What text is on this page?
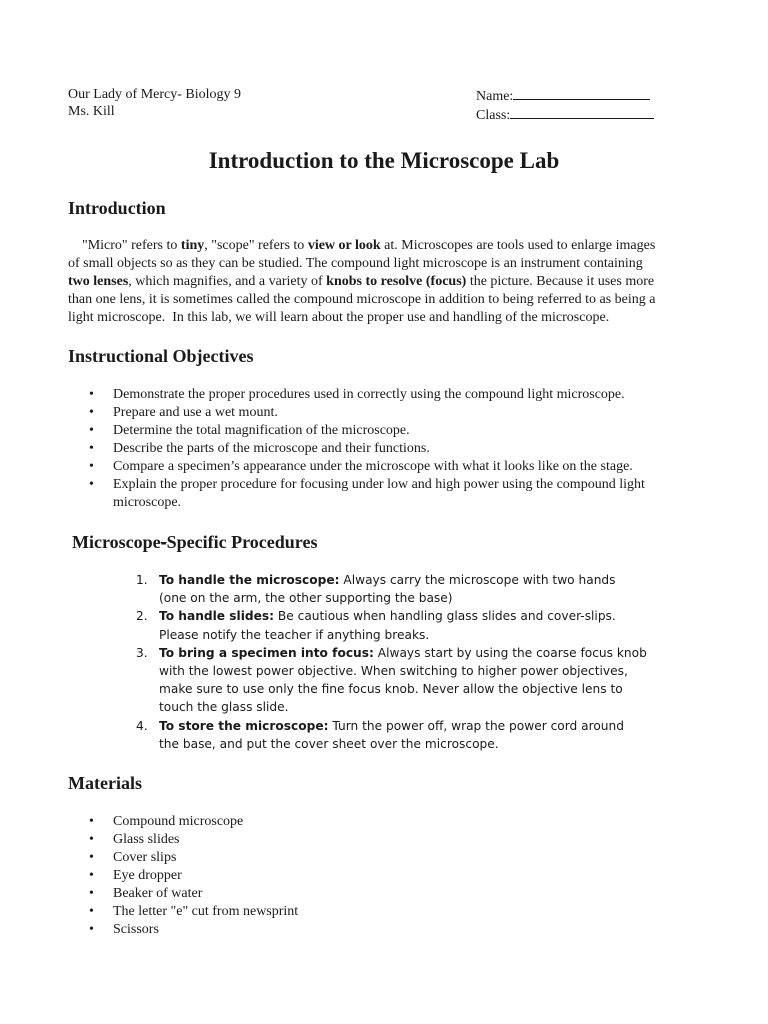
Our Lady of Mercy- Biology 9
Ms. Kill
Name:
Class:
Introduction to the Microscope Lab
Introduction
"Micro" refers to tiny, "scope" refers to view or look at. Microscopes are tools used to enlarge images
of small objects so as they can be studied. The compound light microscope is an instrument containing
two lenses, which magnifies, and a variety of knobs to resolve (focus) the picture. Because it uses more
than one lens, it is sometimes called the compound microscope in addition to being referred to as being a
light microscope.  In this lab, we will learn about the proper use and handling of the microscope.
Instructional Objectives
• Demonstrate the proper procedures used in correctly using the compound light microscope.
• Prepare and use a wet mount.
• Determine the total magnification of the microscope.
• Describe the parts of the microscope and their functions.
• Compare a specimen’s appearance under the microscope with what it looks like on the stage.
• Explain the proper procedure for focusing under low and high power using the compound light
microscope.
Microscope-Specific Procedures
1. To handle the microscope: Always carry the microscope with two hands
(one on the arm, the other supporting the base)
2. To handle slides: Be cautious when handling glass slides and cover-slips.
Please notify the teacher if anything breaks.
3. To bring a specimen into focus: Always start by using the coarse focus knob
with the lowest power objective. When switching to higher power objectives,
make sure to use only the fine focus knob. Never allow the objective lens to
touch the glass slide.
4. To store the microscope: Turn the power off, wrap the power cord around
the base, and put the cover sheet over the microscope.
Materials
• Compound microscope
• Glass slides
• Cover slips
• Eye dropper
• Beaker of water
• The letter "e" cut from newsprint
• Scissors
